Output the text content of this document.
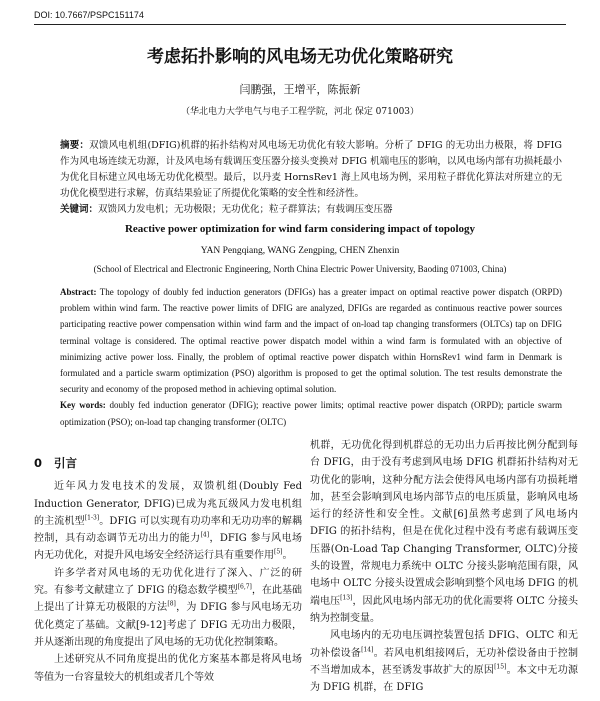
DOI: 10.7667/PSPC151174
考虑拓扑影响的风电场无功优化策略研究
闫鹏强，王增平，陈振新
（华北电力大学电气与电子工程学院，河北 保定 071003）

摘要：双馈风电机组(DFIG)机群的拓扑结构对风电场无功优化有较大影响。分析了 DFIG 的无功出力极限，将 DFIG 作为风电场连续无功源，计及风电场有载调压变压器分接头变换对 DFIG 机端电压的影响，以风电场内部有功损耗最小为优化目标建立风电场无功优化模型。最后，以丹麦 HornsRev1 海上风电场为例，采用粒子群优化算法对所建立的无功优化模型进行求解，仿真结果验证了所提优化策略的安全性和经济性。

关键词：双馈风力发电机；无功极限；无功优化；粒子群算法；有载调压变压器

Reactive power optimization for wind farm considering impact of topology
YAN Pengqiang, WANG Zengping, CHEN Zhenxin
(School of Electrical and Electronic Engineering, North China Electric Power University, Baoding 071003, China)

Abstract: The topology of doubly fed induction generators (DFIGs) has a greater impact on optimal reactive power dispatch (ORPD) problem within wind farm. The reactive power limits of DFIG are analyzed, DFIGs are regarded as continuous reactive power sources participating reactive power compensation within wind farm and the impact of on-load tap changing transformers (OLTCs) tap on DFIG terminal voltage is considered. The optimal reactive power dispatch model within a wind farm is formulated with an objective of minimizing active power loss. Finally, the problem of optimal reactive power dispatch within HornsRev1 wind farm in Denmark is formulated and a particle swarm optimization (PSO) algorithm is proposed to get the optimal solution. The test results demonstrate the security and economy of the proposed method in achieving optimal solution.

Key words: doubly fed induction generator (DFIG); reactive power limits; optimal reactive power dispatch (ORPD); particle swarm optimization (PSO); on-load tap changing transformer (OLTC)

0 引言

近年风力发电技术的发展，双馈机组(Doubly Fed Induction Generator, DFIG)已成为兆瓦级风力发电机组的主流机型[1-3]。DFIG 可以实现有功功率和无功功率的解耦控制，具有动态调节无功出力的能力[4]，DFIG 参与风电场内无功优化，对提升风电场安全经济运行具有重要作用[5]。

许多学者对风电场的无功优化进行了深入、广泛的研究。有参考文献建立了 DFIG 的稳态数学模型[6,7]，在此基础上提出了计算无功极限的方法[8]，为 DFIG 参与风电场无功优化奠定了基础。文献[9-12]考虑了 DFIG 无功出力极限，并从逐渐出现的角度提出了风电场的无功优化控制策略。

上述研究从不同角度提出的优化方案基本都是将风电场等值为一台容量较大的机组或者几个等效

机群，无功优化得到机群总的无功出力后再按比例分配到每台 DFIG，由于没有考虑到风电场 DFIG 机群拓扑结构对无功优化的影响，这种分配方法会使得风电场内部有功损耗增加，甚至会影响到风电场内部节点的电压质量，影响风电场运行的经济性和安全性。文献[6]虽然考虑到了风电场内 DFIG 的拓扑结构，但是在优化过程中没有考虑有载调压变压器(On-Load Tap Changing Transformer, OLTC)分接头的设置，常规电力系统中 OLTC 分接头影响范围有限，风电场中 OLTC 分接头设置成会影响到整个风电场 DFIG 的机端电压[13]，因此风电场内部无功的优化需要将 OLTC 分接头纳为控制变量。

风电场内的无功电压调控装置包括 DFIG、OLTC 和无功补偿设备[14]。若风电机组接网后，无功补偿设备由于控制不当增加成本，甚至诱发事故扩大的原因[15]。本文中无功源为 DFIG 机群，在 DFIG
